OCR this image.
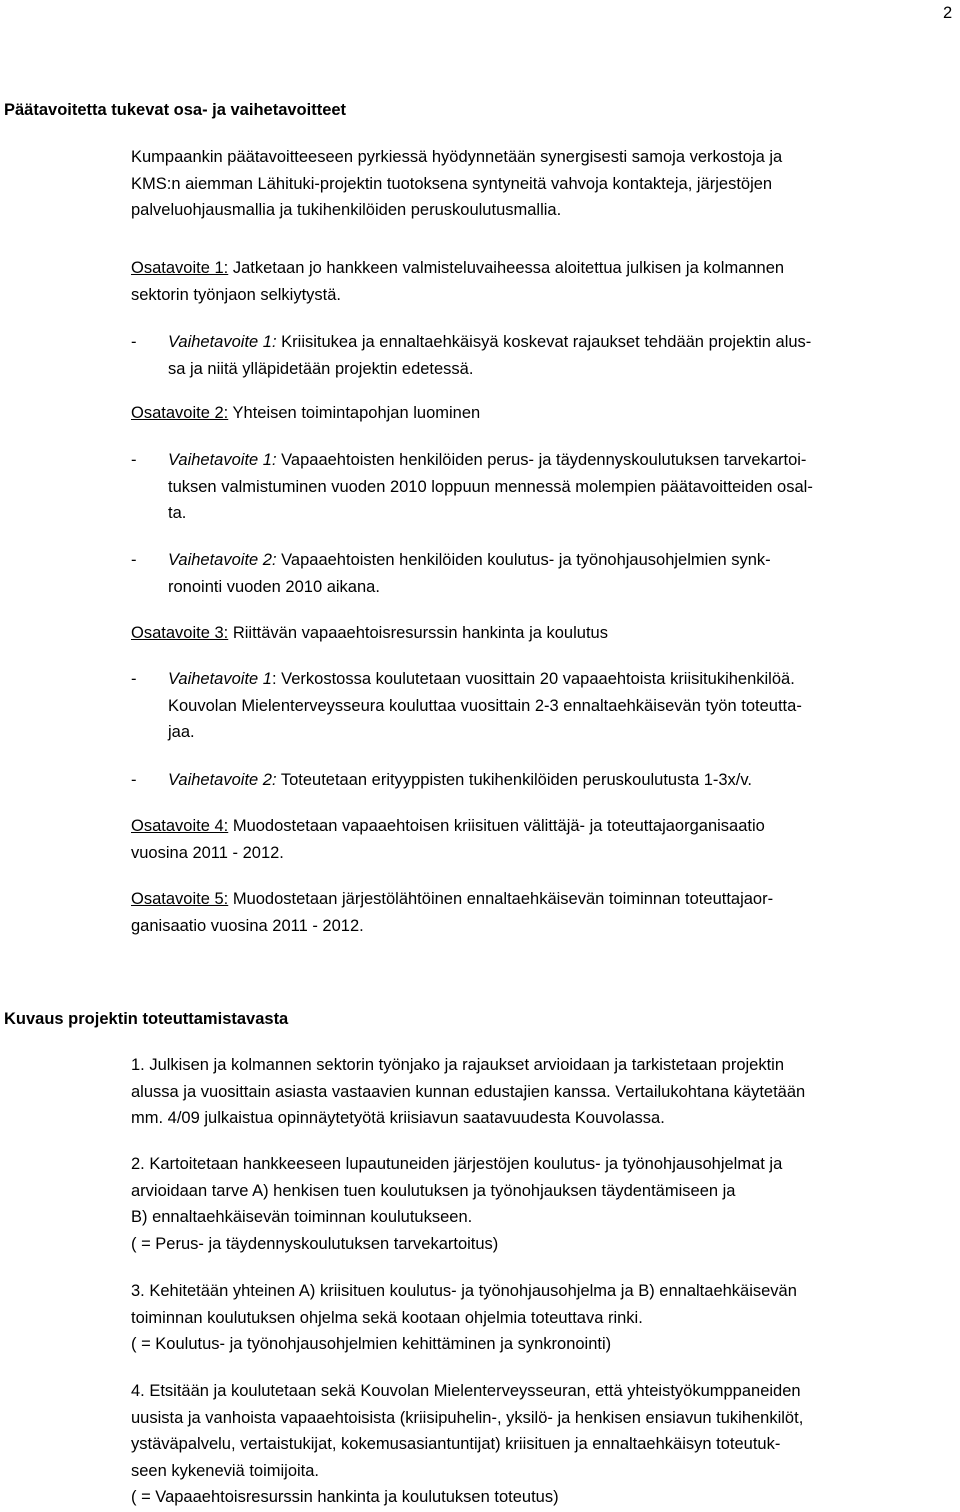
2
Päätavoitetta tukevat osa- ja vaihetavoitteet
Kumpaankin päätavoitteeseen pyrkiessä hyödynnetään synergisesti samoja verkostoja ja
KMS:n aiemman Lähituki-projektin tuotoksena syntyneitä vahvoja kontakteja, järjestöjen
palveluohjausmallia ja tukihenkilöiden peruskoulutusmallia.
Osatavoite 1: Jatketaan jo hankkeen valmisteluvaiheessa aloitettua julkisen ja kolmannen
sektorin työnjaon selkiytystä.
- Vaihetavoite 1: Kriisitukea ja ennaltaehkäisyä koskevat rajaukset tehdään projektin alus-
sa ja niitä ylläpidetään projektin edetessä.
Osatavoite 2: Yhteisen toimintapohjan luominen
- Vaihetavoite 1: Vapaaehtoisten henkilöiden perus- ja täydennyskoulutuksen tarvekartoi-
tuksen valmistuminen vuoden 2010 loppuun mennessä molempien päätavoitteiden osal-
ta.
- Vaihetavoite 2: Vapaaehtoisten henkilöiden koulutus- ja työnohjausohjelmien synk-
ronointi vuoden 2010 aikana.
Osatavoite 3: Riittävän vapaaehtoisresurssin hankinta ja koulutus
- Vaihetavoite 1: Verkostossa koulutetaan vuosittain 20 vapaaehtoista kriisitukihenkilöä.
Kouvolan Mielenterveysseura kouluttaa vuosittain 2-3 ennaltaehkäisevän työn toteutta-
jaa.
- Vaihetavoite 2: Toteutetaan erityyppisten tukihenkilöiden peruskoulutusta 1-3x/v.
Osatavoite 4: Muodostetaan vapaaehtoisen kriisituen välittäjä- ja toteuttajaorganisaatio
vuosina 2011 - 2012.
Osatavoite 5: Muodostetaan järjestölähtöinen ennaltaehkäisevän toiminnan toteuttajaor-
ganisaatio vuosina 2011 - 2012.
Kuvaus projektin toteuttamistavasta
1. Julkisen ja kolmannen sektorin työnjako ja rajaukset arvioidaan ja tarkistetaan projektin
alussa ja vuosittain asiasta vastaavien kunnan edustajien kanssa. Vertailukohtana käytetään
mm. 4/09 julkaistua opinnäytetyötä kriisiavun saatavuudesta Kouvolassa.
2. Kartoitetaan hankkeeseen lupautuneiden järjestöjen koulutus- ja työnohjausohjelmat ja
arvioidaan tarve A) henkisen tuen koulutuksen ja työnohjauksen täydentämiseen ja
B) ennaltaehkäisevän toiminnan koulutukseen.
( = Perus- ja täydennyskoulutuksen tarvekartoitus)
3. Kehitetään yhteinen A) kriisituen koulutus- ja työnohjausohjelma ja B) ennaltaehkäisevän
toiminnan koulutuksen ohjelma sekä kootaan ohjelmia toteuttava rinki.
( = Koulutus- ja työnohjausohjelmien kehittäminen ja synkronointi)
4. Etsitään ja koulutetaan sekä Kouvolan Mielenterveysseuran, että yhteistyökumppaneiden
uusista ja vanhoista vapaaehtoisista (kriisipuhelin-, yksilö- ja henkisen ensiavun tukihenkilöt,
ystäväpalvelu, vertaistukijat, kokemusasiantuntijat) kriisituen ja ennaltaehkäisyn toteutuk-
seen kykeneviä toimijoita.
( = Vapaaehtoisresurssin hankinta ja koulutuksen toteutus)
